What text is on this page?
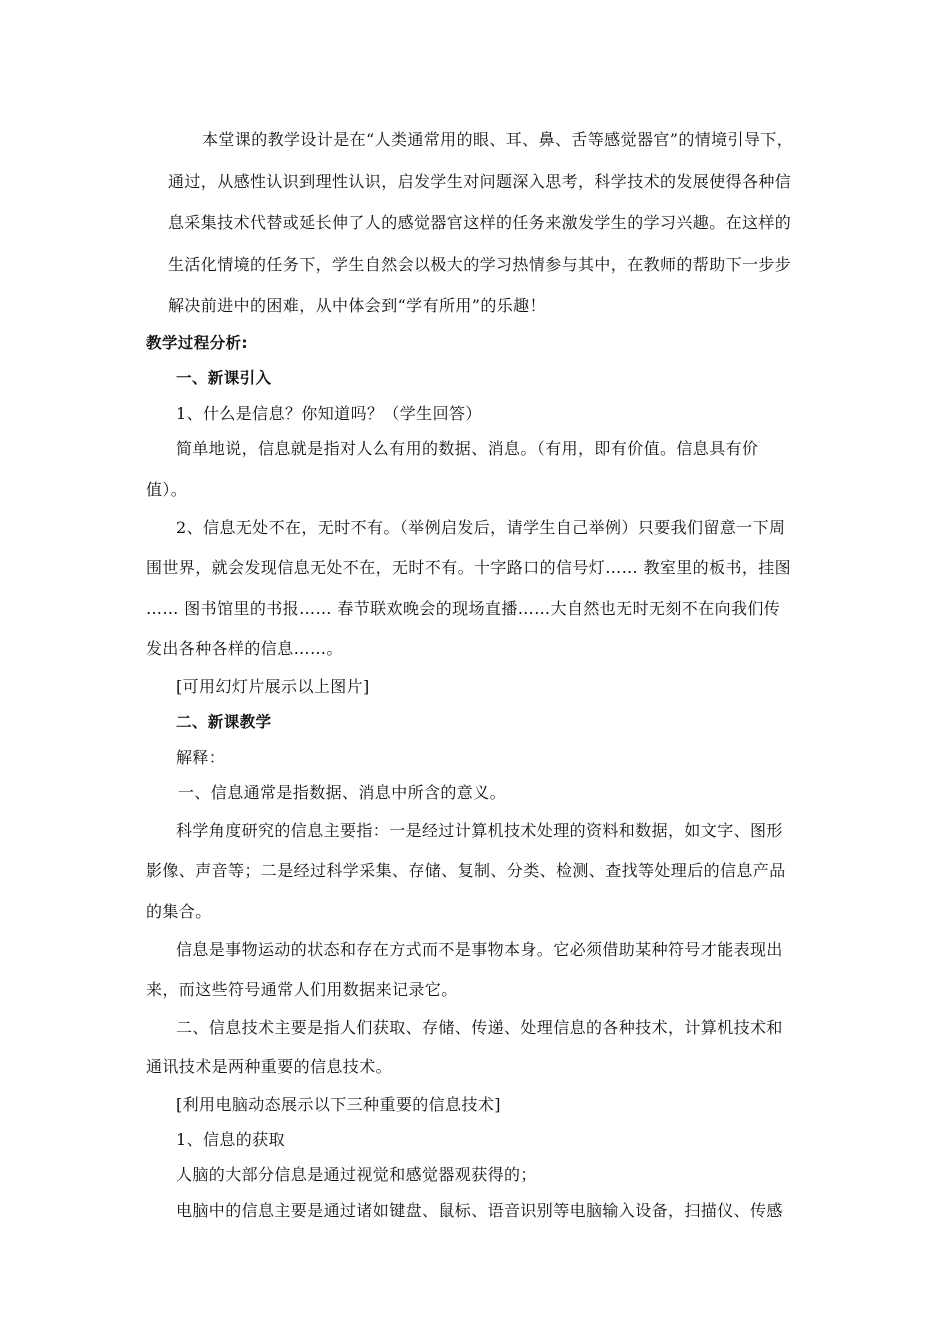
本堂课的教学设计是在“人类通常用的眼、耳、鼻、舌等感觉器官”的情境引导下，

通过，从感性认识到理性认识，启发学生对问题深入思考，科学技术的发展使得各种信

息采集技术代替或延长伸了人的感觉器官这样的任务来激发学生的学习兴趣。在这样的

生活化情境的任务下，学生自然会以极大的学习热情参与其中，在教师的帮助下一步步

解决前进中的困难，从中体会到“学有所用”的乐趣！

教学过程分析:

一、新课引入

1、什么是信息？你知道吗？（学生回答）

简单地说，信息就是指对人么有用的数据、消息。（有用，即有价值。信息具有价

值）。

2、信息无处不在，无时不有。（举例启发后，请学生自己举例）只要我们留意一下周

围世界，就会发现信息无处不在，无时不有。十字路口的信号灯…… 教室里的板书，挂图

…… 图书馆里的书报…… 春节联欢晚会的现场直播……大自然也无时无刻不在向我们传

发出各种各样的信息……。

[可用幻灯片展示以上图片]

二、新课教学

解释：

一、信息通常是指数据、消息中所含的意义。

科学角度研究的信息主要指：一是经过计算机技术处理的资料和数据，如文字、图形

影像、声音等；二是经过科学采集、存储、复制、分类、检测、查找等处理后的信息产品

的集合。

信息是事物运动的状态和存在方式而不是事物本身。它必须借助某种符号才能表现出

来，而这些符号通常人们用数据来记录它。

二、信息技术主要是指人们获取、存储、传递、处理信息的各种技术，计算机技术和

通讯技术是两种重要的信息技术。

[利用电脑动态展示以下三种重要的信息技术]

1、信息的获取

人脑的大部分信息是通过视觉和感觉器观获得的；

电脑中的信息主要是通过诸如键盘、鼠标、语音识别等电脑输入设备，扫描仪、传感
